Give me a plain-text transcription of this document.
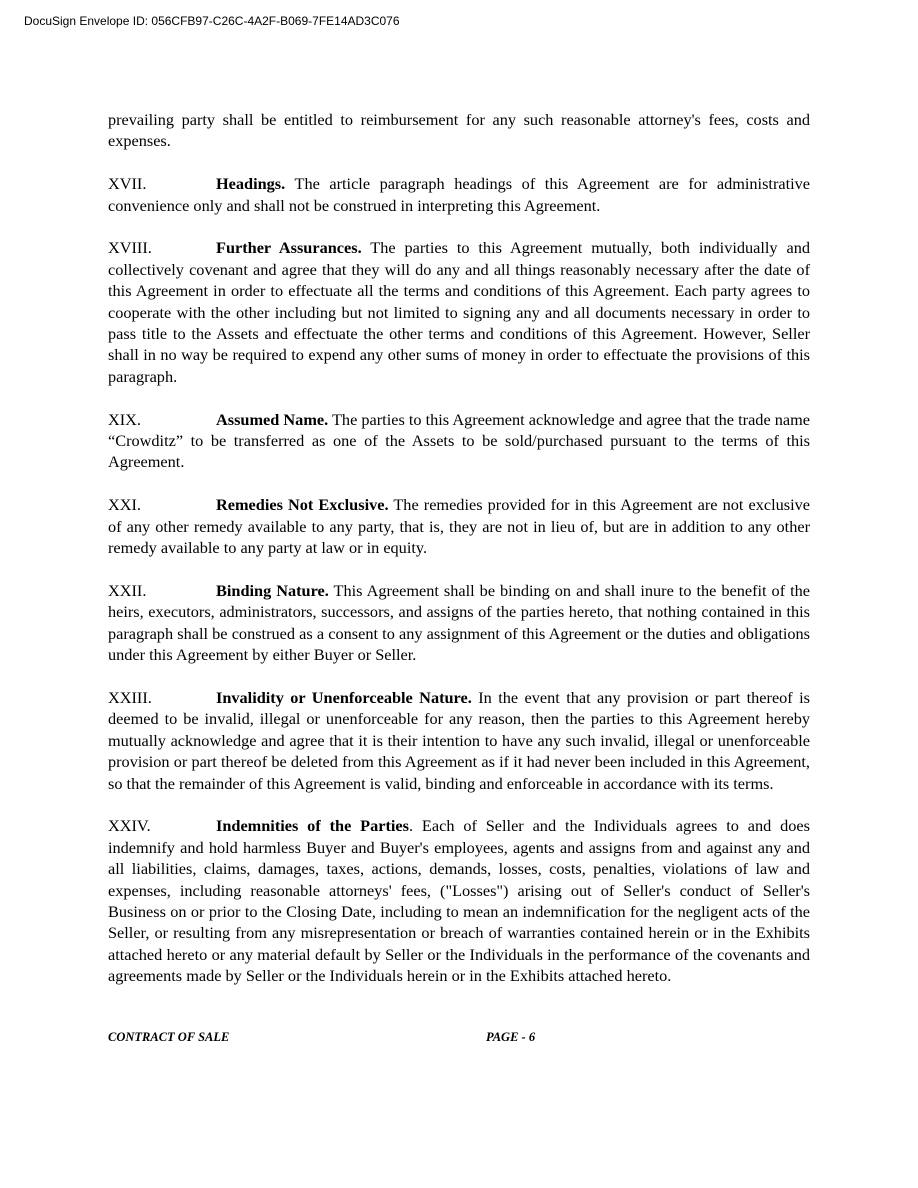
DocuSign Envelope ID: 056CFB97-C26C-4A2F-B069-7FE14AD3C076

prevailing party shall be entitled to reimbursement for any such reasonable attorney's fees, costs and expenses.

XVII.	Headings. The article paragraph headings of this Agreement are for administrative convenience only and shall not be construed in interpreting this Agreement.

XVIII.	Further Assurances. The parties to this Agreement mutually, both individually and collectively covenant and agree that they will do any and all things reasonably necessary after the date of this Agreement in order to effectuate all the terms and conditions of this Agreement. Each party agrees to cooperate with the other including but not limited to signing any and all documents necessary in order to pass title to the Assets and effectuate the other terms and conditions of this Agreement. However, Seller shall in no way be required to expend any other sums of money in order to effectuate the provisions of this paragraph.

XIX.	Assumed Name. The parties to this Agreement acknowledge and agree that the trade name “Crowditz” to be transferred as one of the Assets to be sold/purchased pursuant to the terms of this Agreement.

XXI.	Remedies Not Exclusive. The remedies provided for in this Agreement are not exclusive of any other remedy available to any party, that is, they are not in lieu of, but are in addition to any other remedy available to any party at law or in equity.

XXII.	Binding Nature. This Agreement shall be binding on and shall inure to the benefit of the heirs, executors, administrators, successors, and assigns of the parties hereto, that nothing contained in this paragraph shall be construed as a consent to any assignment of this Agreement or the duties and obligations under this Agreement by either Buyer or Seller.

XXIII.	Invalidity or Unenforceable Nature. In the event that any provision or part thereof is deemed to be invalid, illegal or unenforceable for any reason, then the parties to this Agreement hereby mutually acknowledge and agree that it is their intention to have any such invalid, illegal or unenforceable provision or part thereof be deleted from this Agreement as if it had never been included in this Agreement, so that the remainder of this Agreement is valid, binding and enforceable in accordance with its terms.

XXIV.	Indemnities of the Parties. Each of Seller and the Individuals agrees to and does indemnify and hold harmless Buyer and Buyer's employees, agents and assigns from and against any and all liabilities, claims, damages, taxes, actions, demands, losses, costs, penalties, violations of law and expenses, including reasonable attorneys' fees, ("Losses") arising out of Seller's conduct of Seller's Business on or prior to the Closing Date, including to mean an indemnification for the negligent acts of the Seller, or resulting from any misrepresentation or breach of warranties contained herein or in the Exhibits attached hereto or any material default by Seller or the Individuals in the performance of the covenants and agreements made by Seller or the Individuals herein or in the Exhibits attached hereto.

CONTRACT OF SALE	PAGE - 6
